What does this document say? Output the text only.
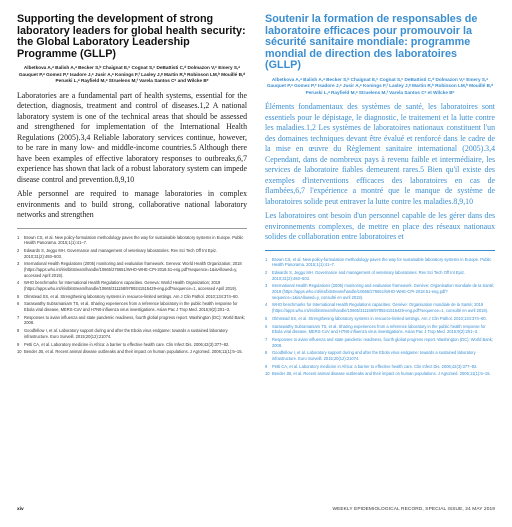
Supporting the development of strong laboratory leaders for global health security: the Global Laboratory Leadership Programme (GLLP)

Albetkova A,ᵃ Balish A,ᵃ Becker S,ᵇ Chaignat E,ᶜ Cognat S,ᶜ DeBattisti C,ᵈ Dolmazon V,ᶜ Emery S,ᵃ Gauquet P,ᵃ Gomez P,ᵉ Isadore J,ᵃ Jusir A,ᵃ Konings F,ᶠ Lasley J,ᵍ Martin R,ʰ Robinson LM,ʰ Mouillé B,ᵈ Peruski L,ᵃ Rayfield M,ᵃ Struelens M,ᶠ Varela Santos Cᶜ and Wilcke Bᵉ

Laboratories are a fundamental part of health systems, essential for the detection, diagnosis, treatment and control of diseases.1,2 A national laboratory system is one of the technical areas that should be assessed and strengthened for implementation of the International Health Regulations (2005).3,4 Reliable laboratory services continue, however, to be rare in many low- and middle-income countries.5 Although there have been examples of effective laboratory responses to outbreaks,6,7 experience has shown that lack of a robust laboratory system can impede disease control and prevention.8,9,10

Able personnel are required to manage laboratories in complex environments and to build strong, collaborative national laboratory networks and strengthen

1	Brown CS, et al. New policy-formulation methodology paves the way for sustainable laboratory systems in Europe. Public Health Panorama. 2015;1(1):41–7.
2	Edwards S, Jeggo MH. Governance and management of veterinary laboratories. Rev Sci Tech Off Int Epiz. 2010;31(2):493–503.
3	International Health Regulations (2005) monitoring and evaluation framework. Geneva: World Health Organization; 2018 (https://apps.who.int/iris/bitstream/handle/10665/276651/WHO-WHE-CPI-2018.51-eng.pdf?sequence=1&isAllowed=y, accessed April 2019).
4	WHO benchmarks for International Health Regulations capacities. Geneva: World Health Organization; 2019 (https://apps.who.int/iris/bitstream/handle/10665/311158/9789241515429-eng.pdf?sequence=1, accessed April 2019).
5	Olmstead SS, et al. Strengthening laboratory systems in resource-limited settings. Am J Clin Pathol. 2010;134:374–80.
6	Saraswathy Subramaniam TS, et al. Sharing experiences from a reference laboratory in the public health response for Ebola viral disease, MERS-CoV and H7N9 influenza virus investigations. Asian Pac J Trop Med. 2016;9(2):201–3.
7	Responses to avian influenza and state pandemic readiness, fourth global progress report. Washington (DC): World Bank; 2008.
8	Goodfellow I, et al. Laboratory support during and after the Ebola virus endgame: towards a sustained laboratory infrastructure. Euro Surveill. 2015;20(12):21074.
9	Petti CA, et al. Laboratory medicine in Africa: a barrier to effective health care. Clin Infect Dis. 2006;42(3):377–82.
10 Bender JB, et al. Recent animal disease outbreaks and their impact on human populations. J Agromed. 2006;11(1):5–15.
Soutenir la formation de responsables de laboratoire efficaces pour promouvoir la sécurité sanitaire mondiale: programme mondial de direction des laboratoires (GLLP)

Albetkova A,ᵃ Balish A,ᵃ Becker S,ᵇ Chaignat E,ᶜ Cognat S,ᶜ DeBattisti C,ᵈ Dolmazon V,ᶜ Emery S,ᵃ Gauquet P,ᵃ Gomez P,ᵉ Isadore J,ᵃ Jusir A,ᵃ Konings F,ᶠ Lasley J,ᵍ Martin R,ʰ Robinson LM,ʰ Mouillé B,ᵈ Peruski L,ᵃ Rayfield M,ᵃ Struelens M,ᶠ Varela Santos Cᶜ et Wilcke Bᵉ

Éléments fondamentaux des systèmes de santé, les laboratoires sont essentiels pour le dépistage, le diagnostic, le traitement et la lutte contre les maladies.1,2 Les systèmes de laboratoires nationaux constituent l'un des domaines techniques devant être évalué et renforcé dans le cadre de la mise en œuvre du Règlement sanitaire international (2005).3,4 Cependant, dans de nombreux pays à revenu faible et intermédiaire, les services de laboratoire fiables demeurent rares.5 Bien qu'il existe des exemples d'interventions efficaces des laboratoires en cas de flambées,6,7 l'expérience a montré que le manque de système de laboratoires solide peut entraver la lutte contre les maladies.8,9,10

Les laboratoires ont besoin d'un personnel capable de les gérer dans des environnements complexes, de mettre en place des réseaux nationaux solides de collaboration entre laboratoires et

1	Brown CS, et al. New policy-formulation methodology paves the way for sustainable laboratory systems in Europe. Public Health Panorama. 2015;1(1):41–7.
2	Edwards S, Jeggo MH. Governance and management of veterinary laboratories. Rev Sci Tech Off Int Epiz. 2010;31(2):493–503.
3	International Health Regulations (2005) monitoring and evaluation framework. Genève: Organisation mondiale de la Santé; 2018 (https://apps.who.int/iris/bitstream/handle/10665/276651/WHO-WHE-CPI-2018.51-eng.pdf?sequence=1&isAllowed=y, consulté en avril 2019).
4	WHO benchmarks for International Health Regulations capacities. Genève: Organisation mondiale de la Santé; 2019 (https://apps.who.int/iris/bitstream/handle/10665/311158/9789241515429-eng.pdf?sequence=1, consulté en avril 2019).
5	Olmstead SS, et al. Strengthening laboratory systems in resource-limited settings. Am J Clin Pathol. 2010;134:374–80.
6	Saraswathy Subramaniam TS, et al. Sharing experiences from a reference laboratory in the public health response for Ebola viral disease, MERS-CoV and H7N9 influenza virus investigations. Asian Pac J Trop Med. 2016;9(2):201–3.
7	Responses to avian influenza and state pandemic readiness, fourth global progress report. Washington (DC): World Bank; 2008.
8	Goodfellow I, et al. Laboratory support during and after the Ebola virus endgame: towards a sustained laboratory infrastructure. Euro Surveill. 2015;20(12):21074.
9	Petti CA, et al. Laboratory medicine in Africa: a barrier to effective health care. Clin Infect Dis. 2006;42(3):377–82.
10 Bender JB, et al. Recent animal disease outbreaks and their impact on human populations. J Agromed. 2006;11(1):5–15.
xiv	WEEKLY EPIDEMIOLOGICAL RECORD, SPECIAL ISSUE, 24 MAY 2019
